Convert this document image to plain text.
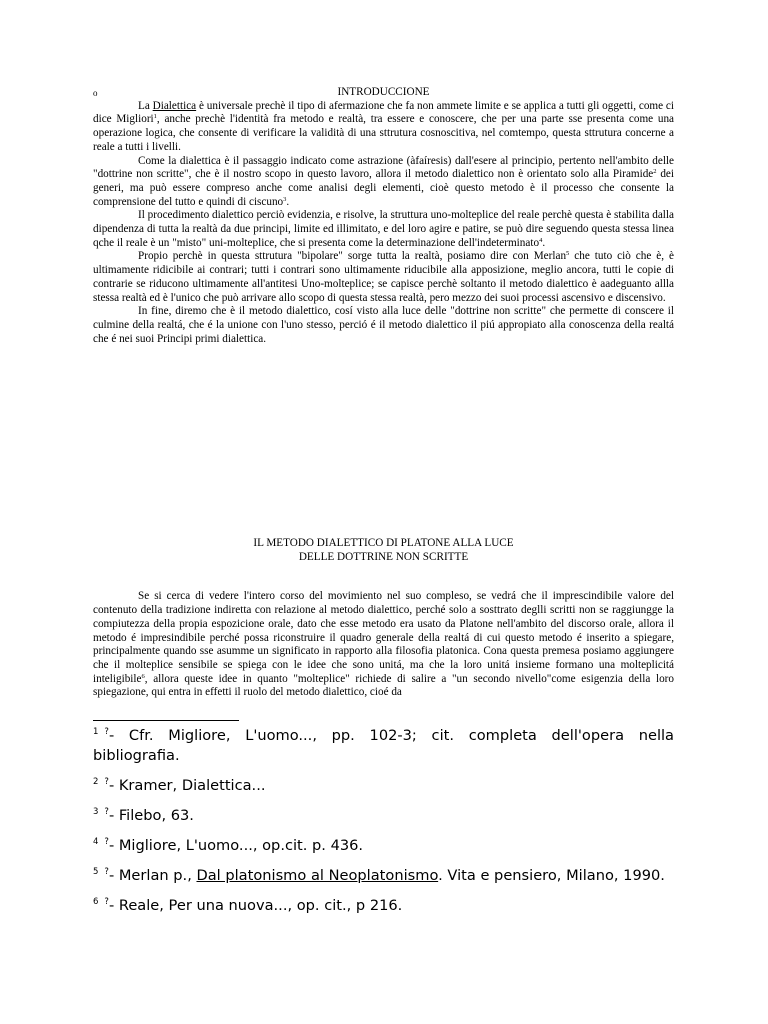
o	INTRODUCCIONE

La Dialettica è universale prechè il tipo di afermazione che fa non ammete limite e se applica a tutti gli oggetti, come ci dice Migliori$^1$, anche prechè l'identità fra metodo e realtà, tra essere e conoscere, che per una parte sse presenta come una operazione logica, che consente di verificare la validità di una sttrutura cosnoscitiva, nel comtempo, questa sttrutura concerne a reale a tutti i livelli.

Come la dialettica è il passaggio indicato come astrazione (àfaíresis) dall'esere al principio, pertento nell'ambito delle "dottrine non scritte", che è il nostro scopo in questo lavoro, allora il metodo dialettico non è orientato solo alla Piramide$^2$ dei generi, ma può essere compreso anche come analisi degli elementi, cioè questo metodo è il processo che consente la comprensione del tutto e quindi di ciscuno$^3$.

Il procedimento dialettico perciò evidenzia, e risolve, la struttura uno-molteplice del reale perchè questa è stabilita dalla dipendenza di tutta la realtà da due principi, limite ed illimitato, e del loro agire e patire, se può dire seguendo questa stessa linea qche il reale è un "misto" uni-molteplice, che si presenta come la determinazione dell'indeterminato$^4$.

Propio perchè in questa sttrutura "bipolare" sorge tutta la realtà, posiamo dire con Merlan$^5$ che tuto ciò che è, è ultimamente ridicibile ai contrari; tutti i contrari sono ultimamente riducibile alla apposizione, meglio ancora, tutti le copie di contrarie se riducono ultimamente all'antitesi Uno-molteplice; se capisce perchè soltanto il metodo dialettico è aadeguanto allla stessa realtà ed è l'unico che può arrivare allo scopo di questa stessa realtà, pero mezzo dei suoi processi ascensivo e discensivo.

In fine, diremo che è il metodo dialettico, cosí visto alla luce delle "dottrine non scritte" che permette di conscere il culmine della realtá, che é la unione con l'uno stesso, perció é il metodo dialettico il piú appropiato alla conoscenza della realtá che é nei suoi Principi primi dialettica.

IL METODO DIALETTICO DI PLATONE ALLA LUCE

DELLE DOTTRINE NON SCRITTE

Se si cerca di vedere l'intero corso del movimiento nel suo compleso, se vedrá che il imprescindibile valore del contenuto della tradizione indiretta con relazione al metodo dialettico, perché solo a sosttrato deglli scritti non se raggiungge la compiutezza della propia espozicione orale, dato che esse metodo era usato da Platone nell'ambito del discorso orale, allora il metodo é impresindibile perché possa riconstruire il quadro generale della realtá di cui questo metodo é inserito a spiegare, principalmente quando sse asumme un significato in rapporto alla filosofia platonica. Cona questa premesa posiamo aggiungere che il molteplice sensibile se spiega con le idee che sono unitá, ma che la loro unitá insieme formano una molteplicitá inteligibile$^6$, allora queste idee in quanto "molteplice" richiede di salire a "un secondo nivello"come esigenzia della loro spiegazione, qui entra in effetti il ruolo del metodo dialettico, cioé da

$^1$ ?- Cfr. Migliore, L'uomo..., pp. 102-3; cit. completa dell'opera nella bibliografia.

$^2$ ?- Kramer, Dialettica...

$^3$ ?- Filebo, 63.

$^4$ ?- Migliore, L'uomo..., op.cit. p. 436.

$^5$ ?- Merlan p., Dal platonismo al Neoplatonismo. Vita e pensiero, Milano, 1990.

$^6$ ?- Reale, Per una nuova..., op. cit., p 216.
